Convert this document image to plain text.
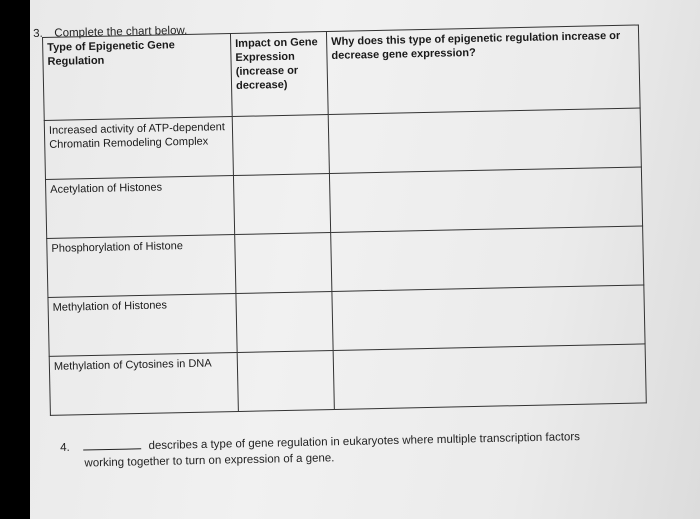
3. Complete the chart below.
Type of Epigenetic Gene Regulation	Impact on Gene Expression (increase or decrease)	Why does this type of epigenetic regulation increase or decrease gene expression?
Increased activity of ATP-dependent Chromatin Remodeling Complex		
Acetylation of Histones		
Phosphorylation of Histone		
Methylation of Histones		
Methylation of Cytosines in DNA		
4.	describes a type of gene regulation in eukaryotes where multiple transcription factors
working together to turn on expression of a gene.
